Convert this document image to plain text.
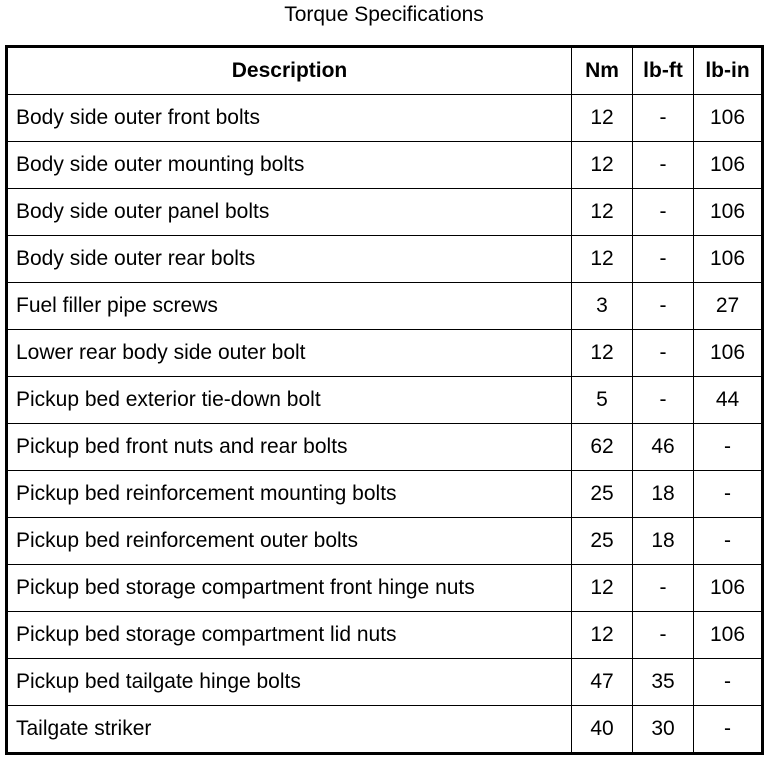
Torque Specifications
Description	Nm	lb-ft	lb-in
Body side outer front bolts	12	-	106
Body side outer mounting bolts	12	-	106
Body side outer panel bolts	12	-	106
Body side outer rear bolts	12	-	106
Fuel filler pipe screws	3	-	27
Lower rear body side outer bolt	12	-	106
Pickup bed exterior tie-down bolt	5	-	44
Pickup bed front nuts and rear bolts	62	46	-
Pickup bed reinforcement mounting bolts	25	18	-
Pickup bed reinforcement outer bolts	25	18	-
Pickup bed storage compartment front hinge nuts	12	-	106
Pickup bed storage compartment lid nuts	12	-	106
Pickup bed tailgate hinge bolts	47	35	-
Tailgate striker	40	30	-
